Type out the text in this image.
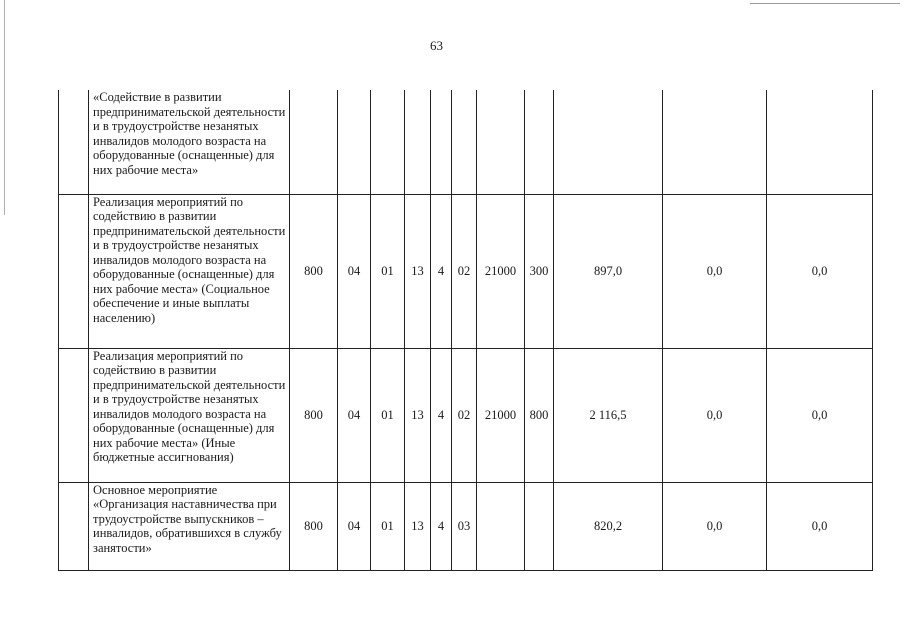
63
	«Содействие в развитии предпринимательской деятельности и в трудоустройстве незанятых инвалидов молодого возраста на оборудованные (оснащенные) для них рабочие места»											
	Реализация мероприятий по содействию в развитии предпринимательской деятельности и в трудоустройстве незанятых инвалидов молодого возраста на оборудованные (оснащенные) для них рабочие места» (Социальное обеспечение и иные выплаты населению)	800	04	01	13	4	02	21000	300	897,0	0,0	0,0
	Реализация мероприятий по содействию в развитии предпринимательской деятельности и в трудоустройстве незанятых инвалидов молодого возраста на оборудованные (оснащенные) для них рабочие места» (Иные бюджетные ассигнования)	800	04	01	13	4	02	21000	800	2 116,5	0,0	0,0
	Основное мероприятие «Организация наставничества при трудоустройстве выпускников – инвалидов, обратившихся в службу занятости»	800	04	01	13	4	03			820,2	0,0	0,0
